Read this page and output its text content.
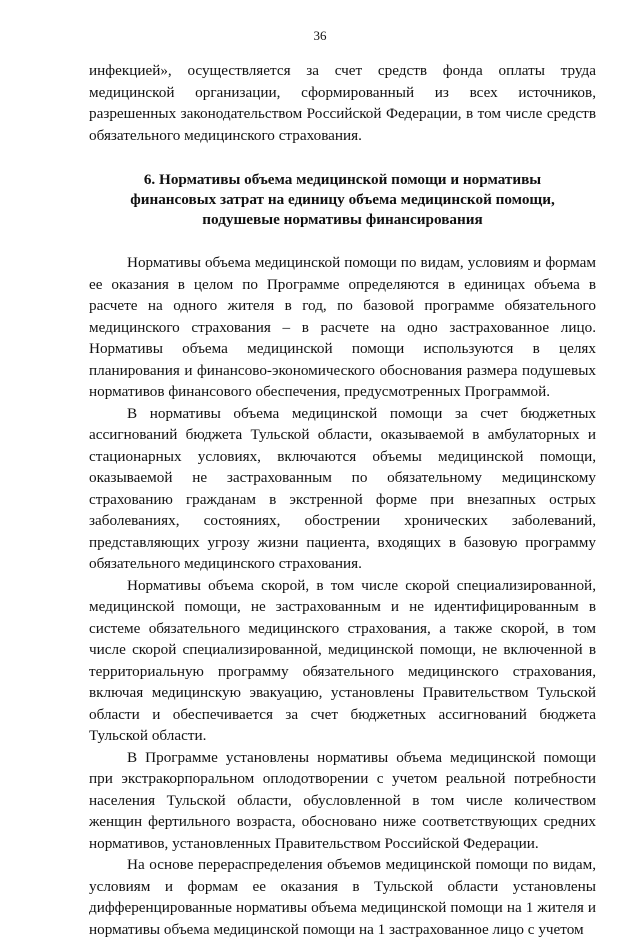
36

инфекцией», осуществляется за счет средств фонда оплаты труда медицинской организации, сформированный из всех источников, разрешенных законодательством Российской Федерации, в том числе средств обязательного медицинского страхования.

6. Нормативы объема медицинской помощи и нормативы финансовых затрат на единицу объема медицинской помощи, подушевые нормативы финансирования

Нормативы объема медицинской помощи по видам, условиям и формам ее оказания в целом по Программе определяются в единицах объема в расчете на одного жителя в год, по базовой программе обязательного медицинского страхования – в расчете на одно застрахованное лицо. Нормативы объема медицинской помощи используются в целях планирования и финансово-экономического обоснования размера подушевых нормативов финансового обеспечения, предусмотренных Программой.

В нормативы объема медицинской помощи за счет бюджетных ассигнований бюджета Тульской области, оказываемой в амбулаторных и стационарных условиях, включаются объемы медицинской помощи, оказываемой не застрахованным по обязательному медицинскому страхованию гражданам в экстренной форме при внезапных острых заболеваниях, состояниях, обострении хронических заболеваний, представляющих угрозу жизни пациента, входящих в базовую программу обязательного медицинского страхования.

Нормативы объема скорой, в том числе скорой специализированной, медицинской помощи, не застрахованным и не идентифицированным в системе обязательного медицинского страхования, а также скорой, в том числе скорой специализированной, медицинской помощи, не включенной в территориальную программу обязательного медицинского страхования, включая медицинскую эвакуацию, установлены Правительством Тульской области и обеспечивается за счет бюджетных ассигнований бюджета Тульской области.

В Программе установлены нормативы объема медицинской помощи при экстракорпоральном оплодотворении с учетом реальной потребности населения Тульской области, обусловленной в том числе количеством женщин фертильного возраста, обосновано ниже соответствующих средних нормативов, установленных Правительством Российской Федерации.

На основе перераспределения объемов медицинской помощи по видам, условиям и формам ее оказания в Тульской области установлены дифференцированные нормативы объема медицинской помощи на 1 жителя и нормативы объема медицинской помощи на 1 застрахованное лицо с учетом
